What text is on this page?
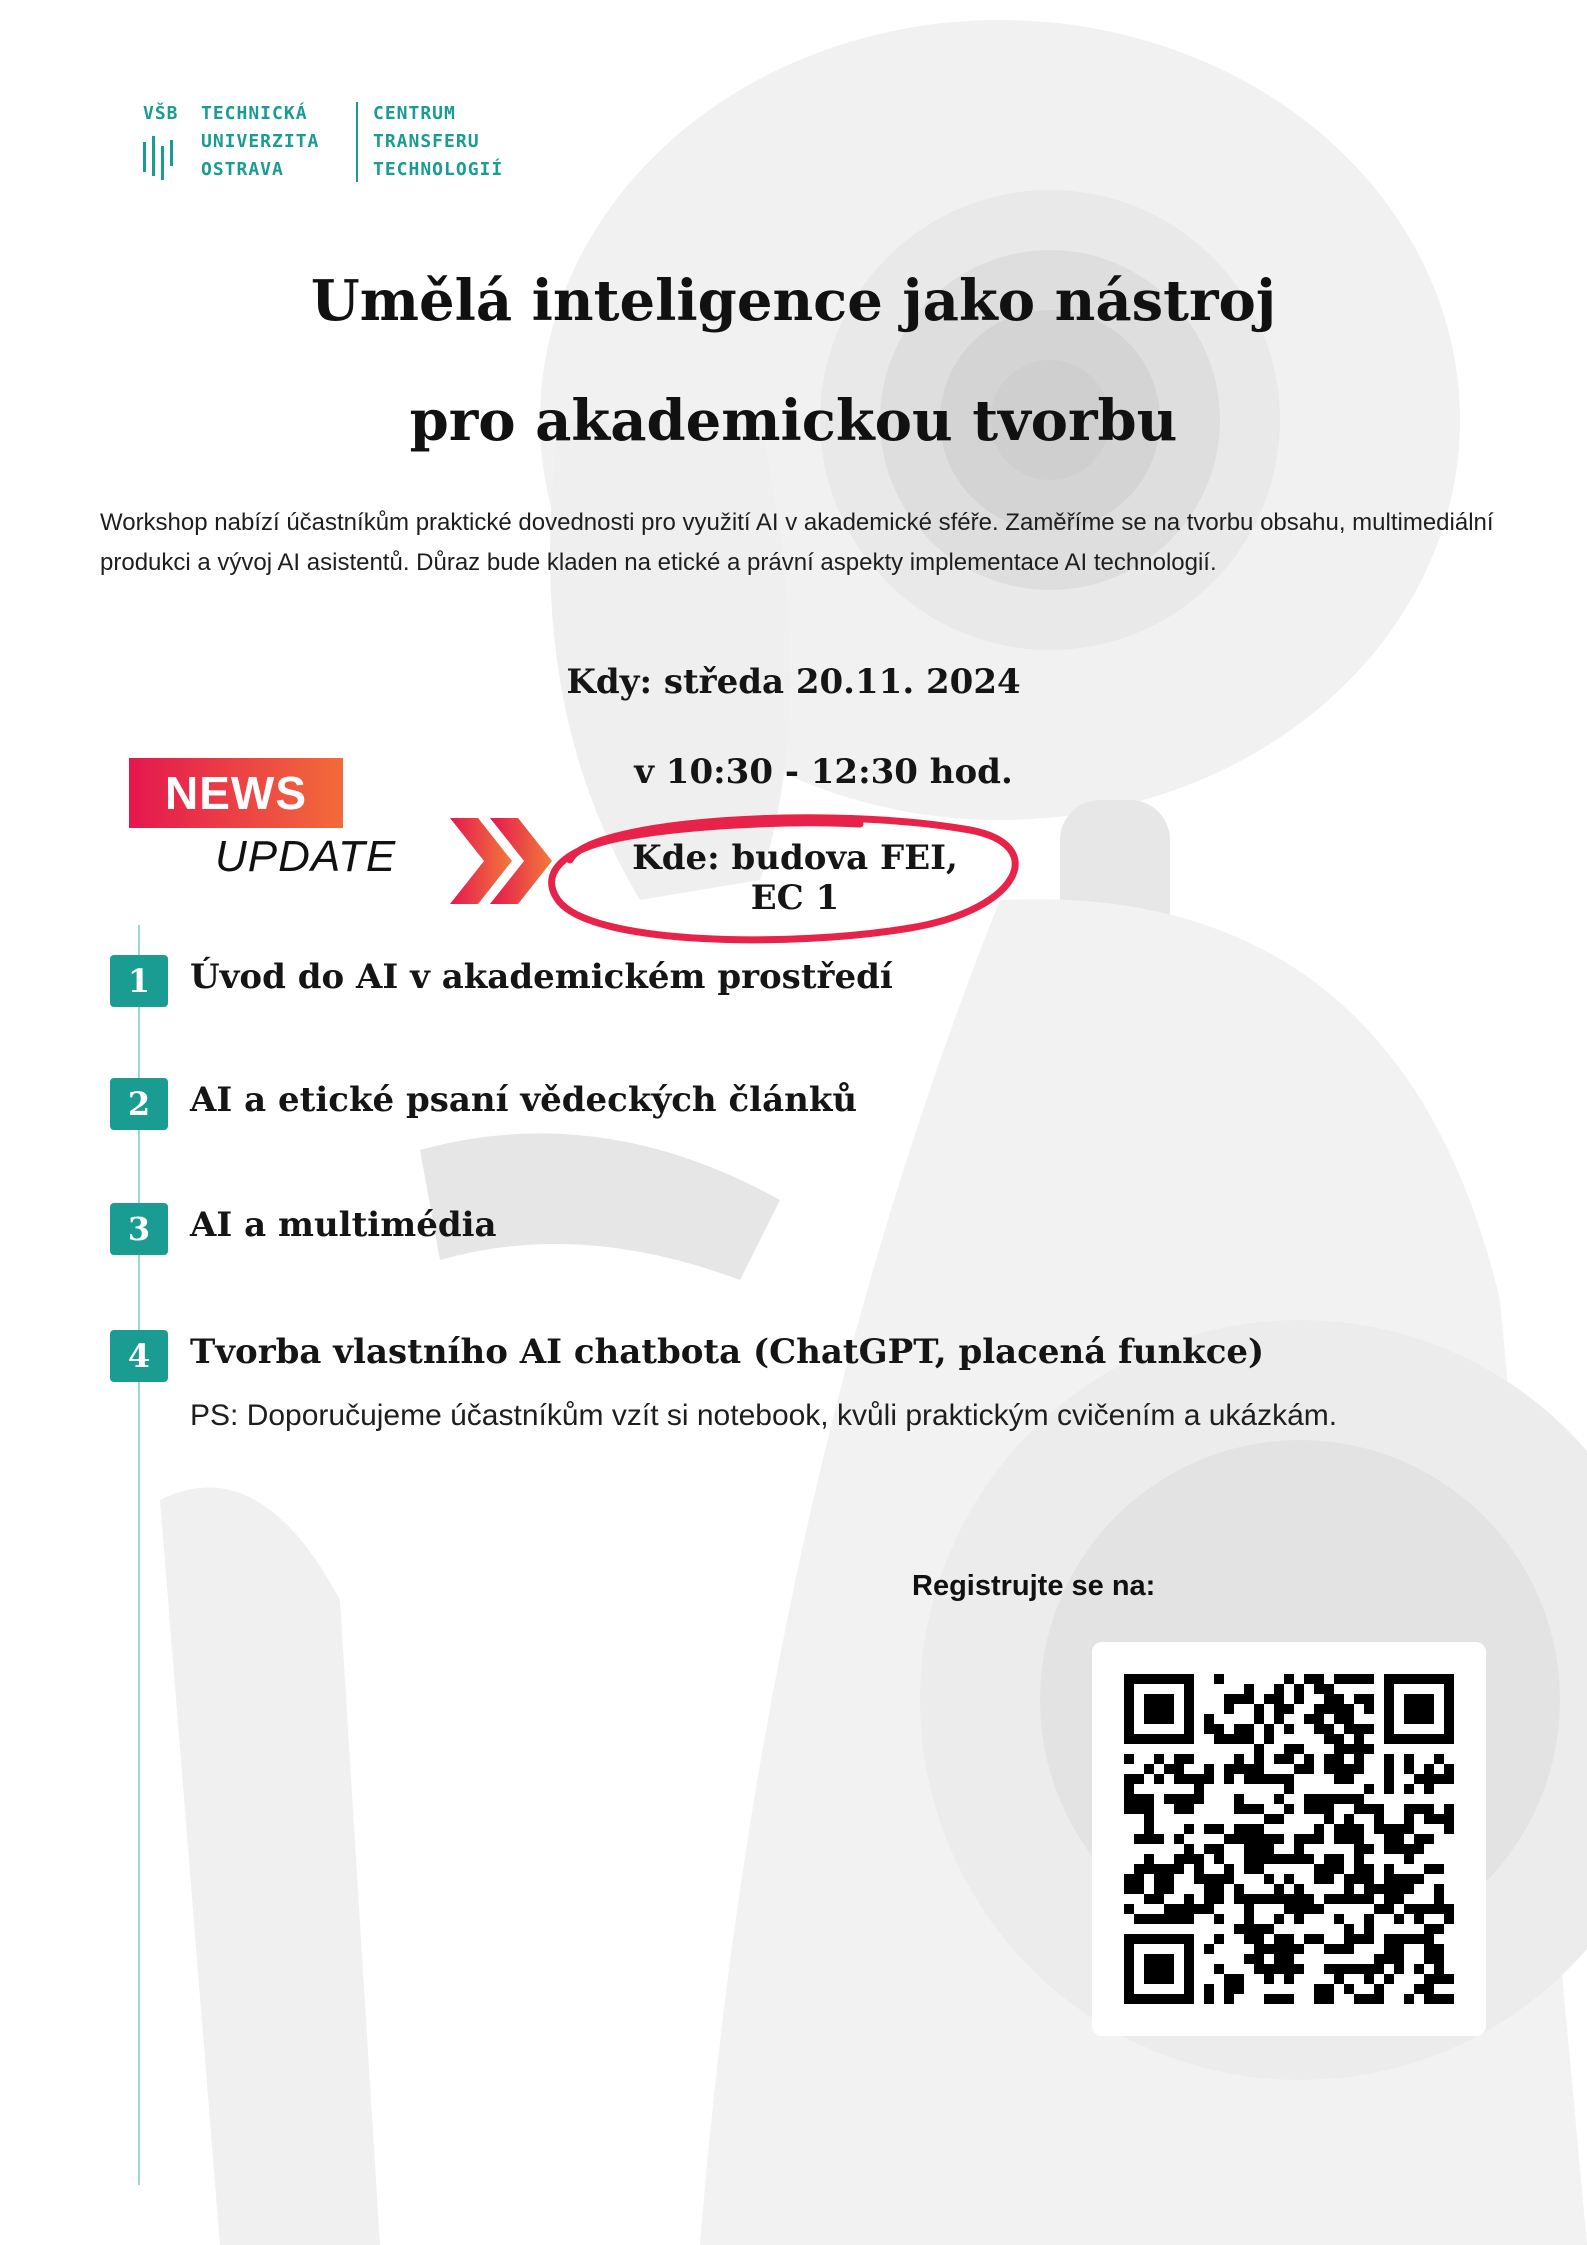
VŠB TECHNICKÁ
UNIVERZITA
OSTRAVA
CENTRUM
TRANSFERU
TECHNOLOGIÍ
Umělá inteligence jako nástroj
pro akademickou tvorbu
Workshop nabízí účastníkům praktické dovednosti pro využití AI v akademické sféře. Zaměříme se na tvorbu obsahu, multimediální produkci a vývoj AI asistentů. Důraz bude kladen na etické a právní aspekty implementace AI technologií.
Kdy: středa 20.11. 2024
v 10:30 - 12:30 hod.
NEWS
UPDATE	Kde: budova FEI, EC 1
1	Úvod do AI v akademickém prostředí
2	AI a etické psaní vědeckých článků
3	AI a multimédia
4	Tvorba vlastního AI chatbota (ChatGPT, placená funkce)
PS: Doporučujeme účastníkům vzít si notebook, kvůli praktickým cvičením a ukázkám.
Registrujte se na:
